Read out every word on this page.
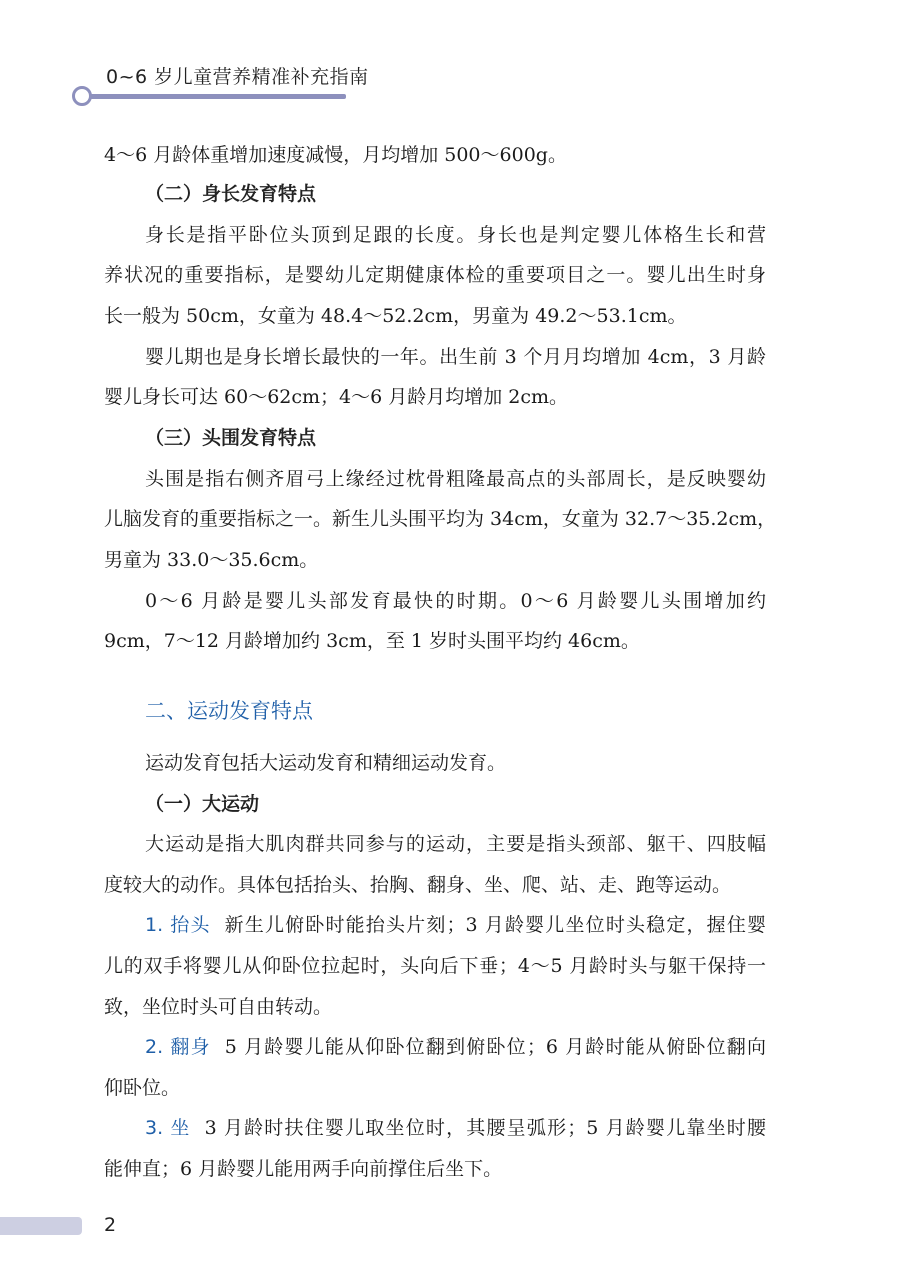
0~6 岁儿童营养精准补充指南
4～6 月龄体重增加速度减慢，月均增加 500～600g。
（二）身长发育特点
身长是指平卧位头顶到足跟的长度。身长也是判定婴儿体格生长和营
养状况的重要指标，是婴幼儿定期健康体检的重要项目之一。婴儿出生时身
长一般为 50cm，女童为 48.4～52.2cm，男童为 49.2～53.1cm。
婴儿期也是身长增长最快的一年。出生前 3 个月月均增加 4cm，3 月龄
婴儿身长可达 60～62cm；4～6 月龄月均增加 2cm。
（三）头围发育特点
头围是指右侧齐眉弓上缘经过枕骨粗隆最高点的头部周长，是反映婴幼
儿脑发育的重要指标之一。新生儿头围平均为 34cm，女童为 32.7～35.2cm，
男童为 33.0～35.6cm。
0～6 月龄是婴儿头部发育最快的时期。0～6 月龄婴儿头围增加约
9cm，7～12 月龄增加约 3cm，至 1 岁时头围平均约 46cm。
二、运动发育特点
运动发育包括大运动发育和精细运动发育。
（一）大运动
大运动是指大肌肉群共同参与的运动，主要是指头颈部、躯干、四肢幅
度较大的动作。具体包括抬头、抬胸、翻身、坐、爬、站、走、跑等运动。
1. 抬头 新生儿俯卧时能抬头片刻；3 月龄婴儿坐位时头稳定，握住婴
儿的双手将婴儿从仰卧位拉起时，头向后下垂；4～5 月龄时头与躯干保持一
致，坐位时头可自由转动。
2. 翻身 5 月龄婴儿能从仰卧位翻到俯卧位；6 月龄时能从俯卧位翻向
仰卧位。
3. 坐 3 月龄时扶住婴儿取坐位时，其腰呈弧形；5 月龄婴儿靠坐时腰
能伸直；6 月龄婴儿能用两手向前撑住后坐下。
2
